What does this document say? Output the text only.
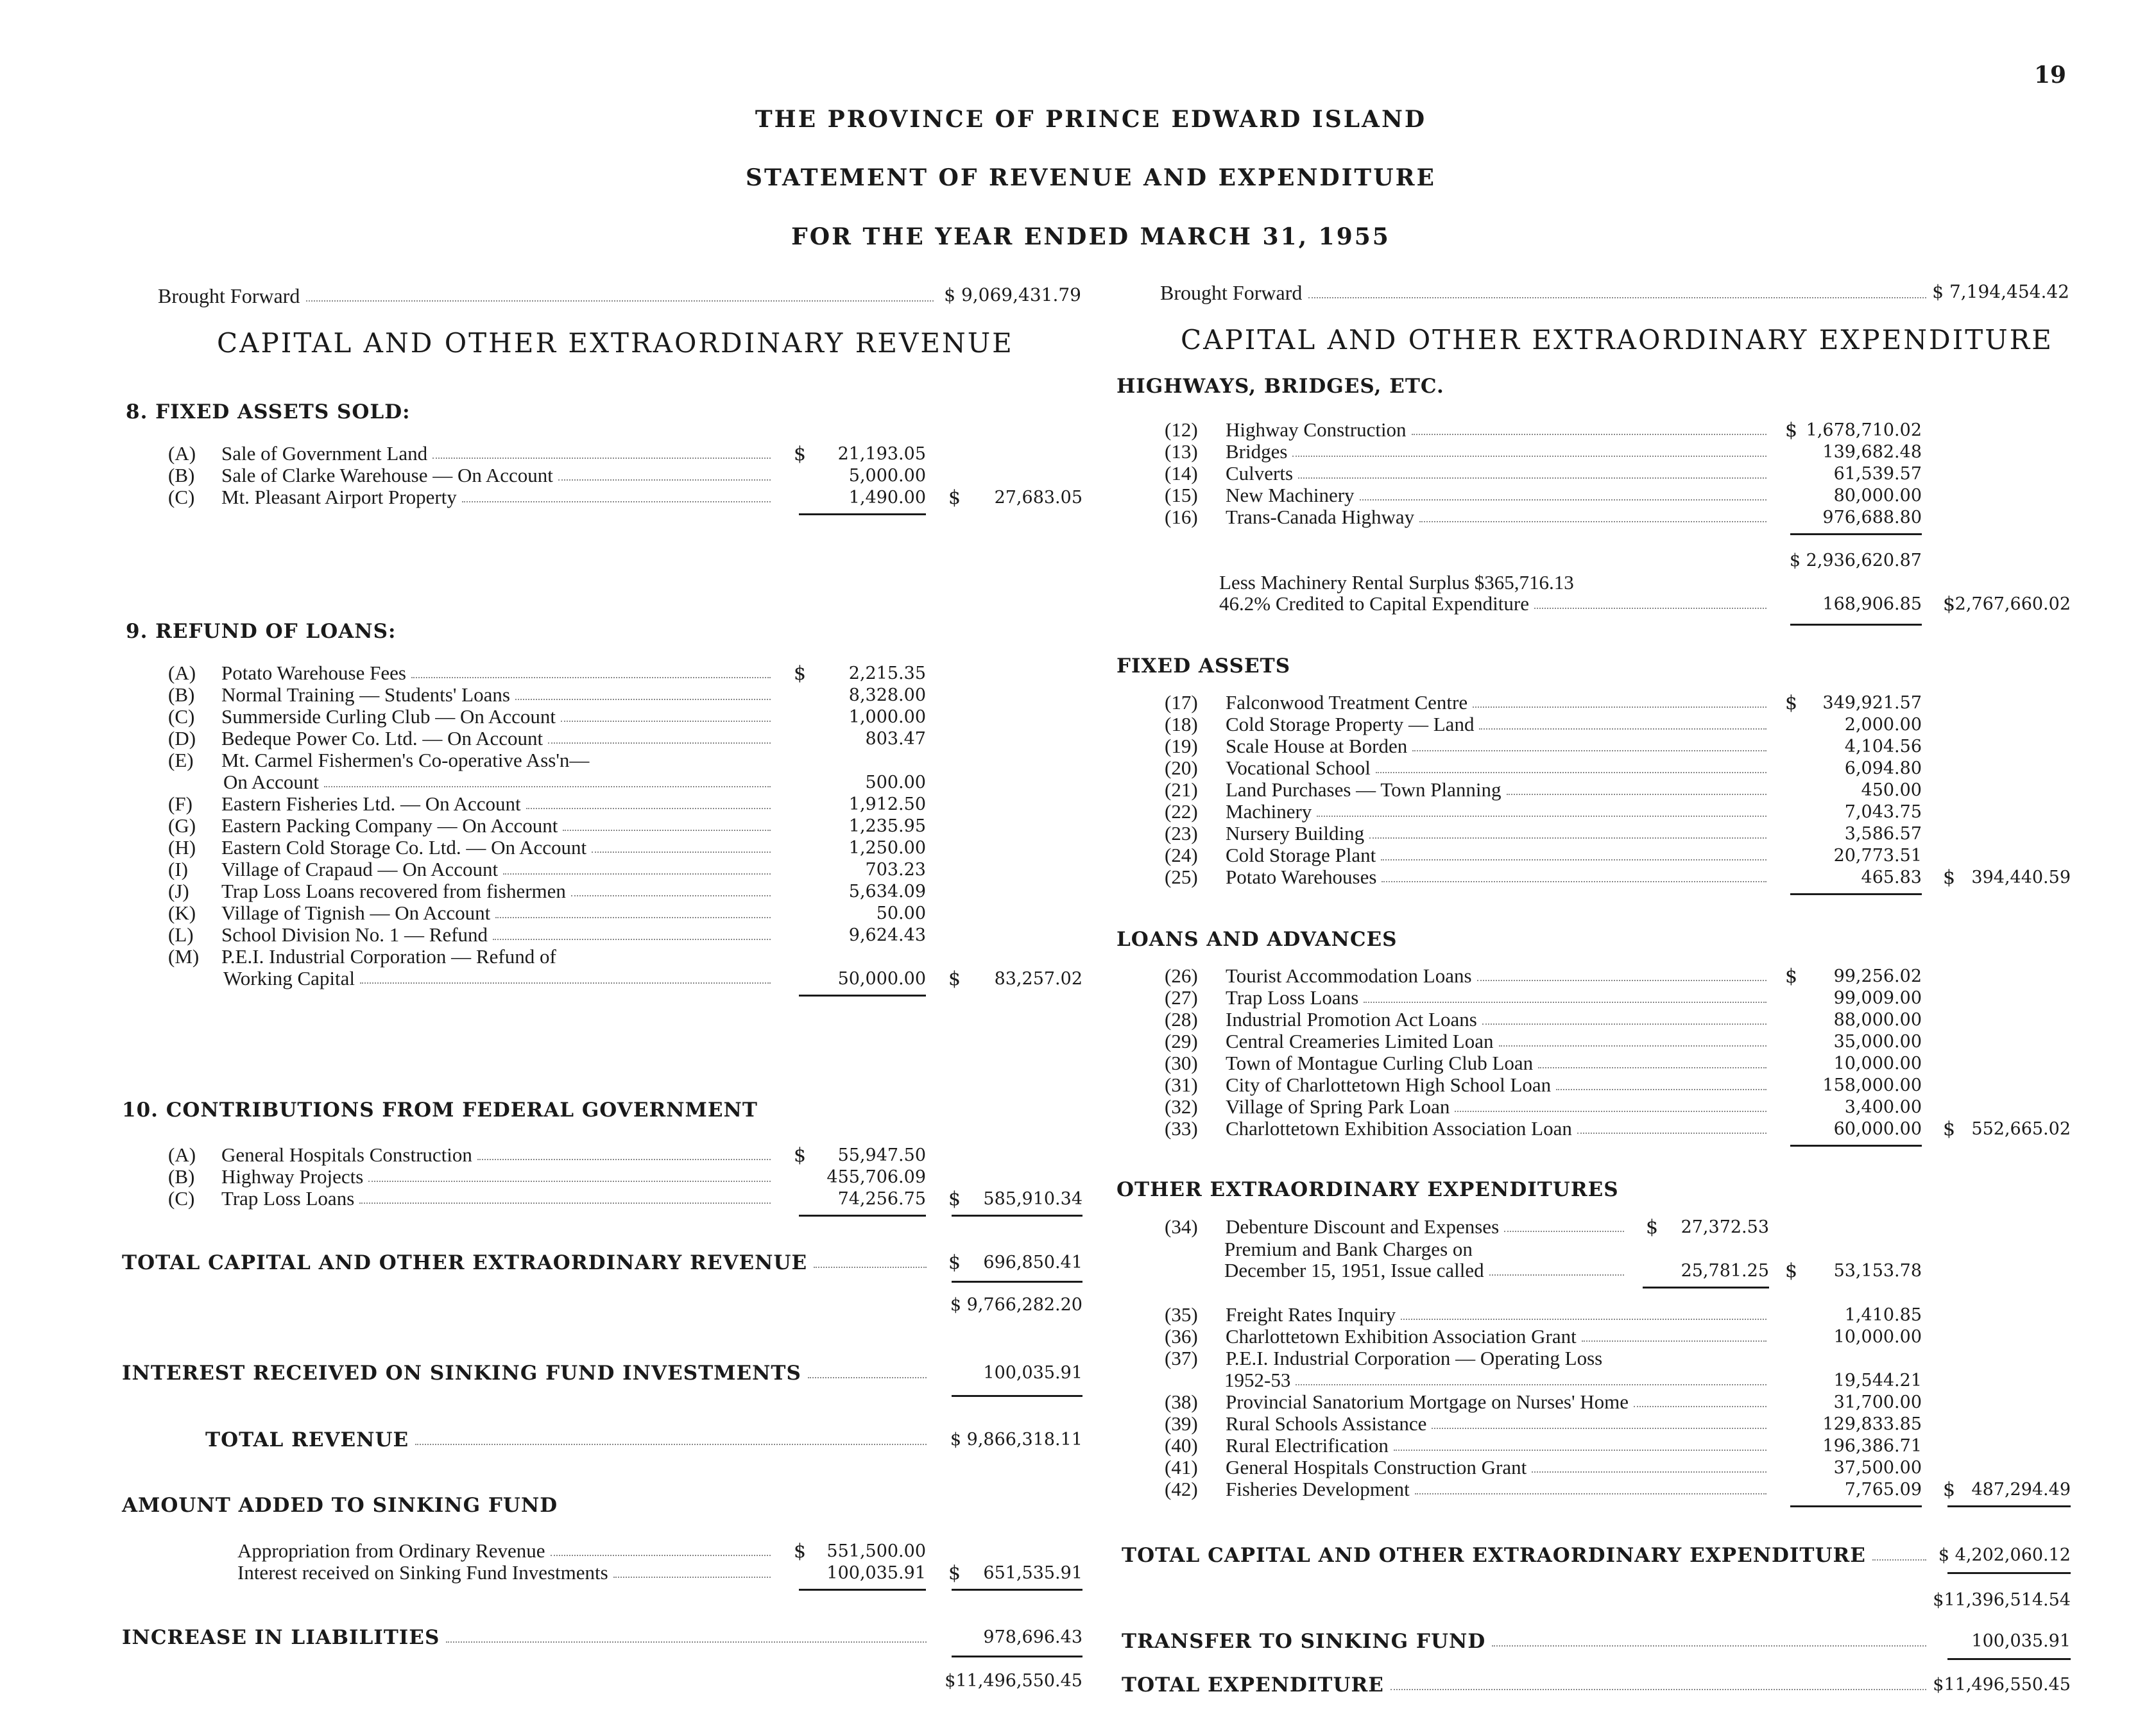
19
THE PROVINCE OF PRINCE EDWARD ISLAND
STATEMENT OF REVENUE AND EXPENDITURE
FOR THE YEAR ENDED MARCH 31, 1955
Brought Forward	$ 9,069,431.79
CAPITAL AND OTHER EXTRAORDINARY REVENUE
Brought Forward	$ 7,194,454.42
CAPITAL AND OTHER EXTRAORDINARY EXPENDITURE
8. FIXED ASSETS SOLD:
(A) Sale of Government Land	$	21,193.05
(B) Sale of Clarke Warehouse — On Account	5,000.00
(C) Mt. Pleasant Airport Property	1,490.00 $	27,683.05
9. REFUND OF LOANS:
(A) Potato Warehouse Fees	$	2,215.35
(B) Normal Training — Students' Loans	8,328.00
(C) Summerside Curling Club — On Account	1,000.00
(D) Bedeque Power Co. Ltd. — On Account	803.47
(E) Mt. Carmel Fishermen's Co-operative Ass'n—
On Account	500.00
(F) Eastern Fisheries Ltd. — On Account	1,912.50
(G) Eastern Packing Company — On Account	1,235.95
(H) Eastern Cold Storage Co. Ltd. — On Account	1,250.00
(I) Village of Crapaud — On Account	703.23
(J) Trap Loss Loans recovered from fishermen	5,634.09
(K) Village of Tignish — On Account	50.00
(L) School Division No. 1 — Refund	9,624.43
(M) P.E.I. Industrial Corporation — Refund of
Working Capital	50,000.00 $	83,257.02
10. CONTRIBUTIONS FROM FEDERAL GOVERNMENT
(A) General Hospitals Construction	$	55,947.50
(B) Highway Projects	455,706.09
(C) Trap Loss Loans	74,256.75 $	585,910.34
TOTAL CAPITAL AND OTHER EXTRAORDINARY REVENUE	$	696,850.41
$ 9,766,282.20
INTEREST RECEIVED ON SINKING FUND INVESTMENTS	100,035.91
TOTAL REVENUE	$ 9,866,318.11
AMOUNT ADDED TO SINKING FUND
Appropriation from Ordinary Revenue	$	551,500.00
Interest received on Sinking Fund Investments	100,035.91 $	651,535.91
INCREASE IN LIABILITIES	978,696.43
$11,496,550.45
HIGHWAYS, BRIDGES, ETC.
(12) Highway Construction	$ 1,678,710.02
(13) Bridges	139,682.48
(14) Culverts	61,539.57
(15) New Machinery	80,000.00
(16) Trans-Canada Highway	976,688.80
$ 2,936,620.87
Less Machinery Rental Surplus $365,716.13
46.2% Credited to Capital Expenditure	168,906.85 $ 2,767,660.02
FIXED ASSETS
(17) Falconwood Treatment Centre	$	349,921.57
(18) Cold Storage Property — Land	2,000.00
(19) Scale House at Borden	4,104.56
(20) Vocational School	6,094.80
(21) Land Purchases — Town Planning	450.00
(22) Machinery	7,043.75
(23) Nursery Building	3,586.57
(24) Cold Storage Plant	20,773.51
(25) Potato Warehouses	465.83 $ 394,440.59
LOANS AND ADVANCES
(26) Tourist Accommodation Loans	$	99,256.02
(27) Trap Loss Loans	99,009.00
(28) Industrial Promotion Act Loans	88,000.00
(29) Central Creameries Limited Loan	35,000.00
(30) Town of Montague Curling Club Loan	10,000.00
(31) City of Charlottetown High School Loan	158,000.00
(32) Village of Spring Park Loan	3,400.00
(33) Charlottetown Exhibition Association Loan	60,000.00 $ 552,665.02
OTHER EXTRAORDINARY EXPENDITURES
(34) Debenture Discount and Expenses	$	27,372.53
Premium and Bank Charges on
December 15, 1951, Issue called	25,781.25 $	53,153.78
(35) Freight Rates Inquiry	1,410.85
(36) Charlottetown Exhibition Association Grant	10,000.00
(37) P.E.I. Industrial Corporation — Operating Loss
1952-53	19,544.21
(38) Provincial Sanatorium Mortgage on Nurses' Home	31,700.00
(39) Rural Schools Assistance	129,833.85
(40) Rural Electrification	196,386.71
(41) General Hospitals Construction Grant	37,500.00
(42) Fisheries Development	7,765.09 $ 487,294.49
TOTAL CAPITAL AND OTHER EXTRAORDINARY EXPENDITURE	$ 4,202,060.12
$11,396,514.54
TRANSFER TO SINKING FUND	100,035.91
TOTAL EXPENDITURE	$11,496,550.45
